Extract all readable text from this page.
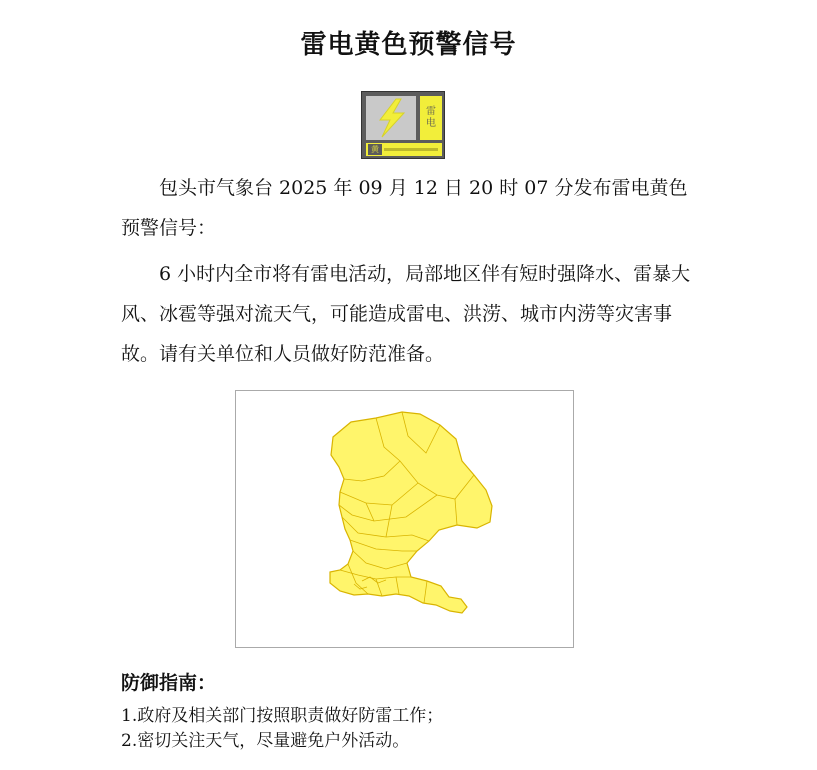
雷电黄色预警信号
雷
电
黄

包头市气象台 2025 年 09 月 12 日 20 时 07 分发布雷电黄色预警信号：

6 小时内全市将有雷电活动，局部地区伴有短时强降水、雷暴大风、冰雹等强对流天气，可能造成雷电、洪涝、城市内涝等灾害事故。请有关单位和人员做好防范准备。

防御指南：
1.政府及相关部门按照职责做好防雷工作；
2.密切关注天气，尽量避免户外活动。
